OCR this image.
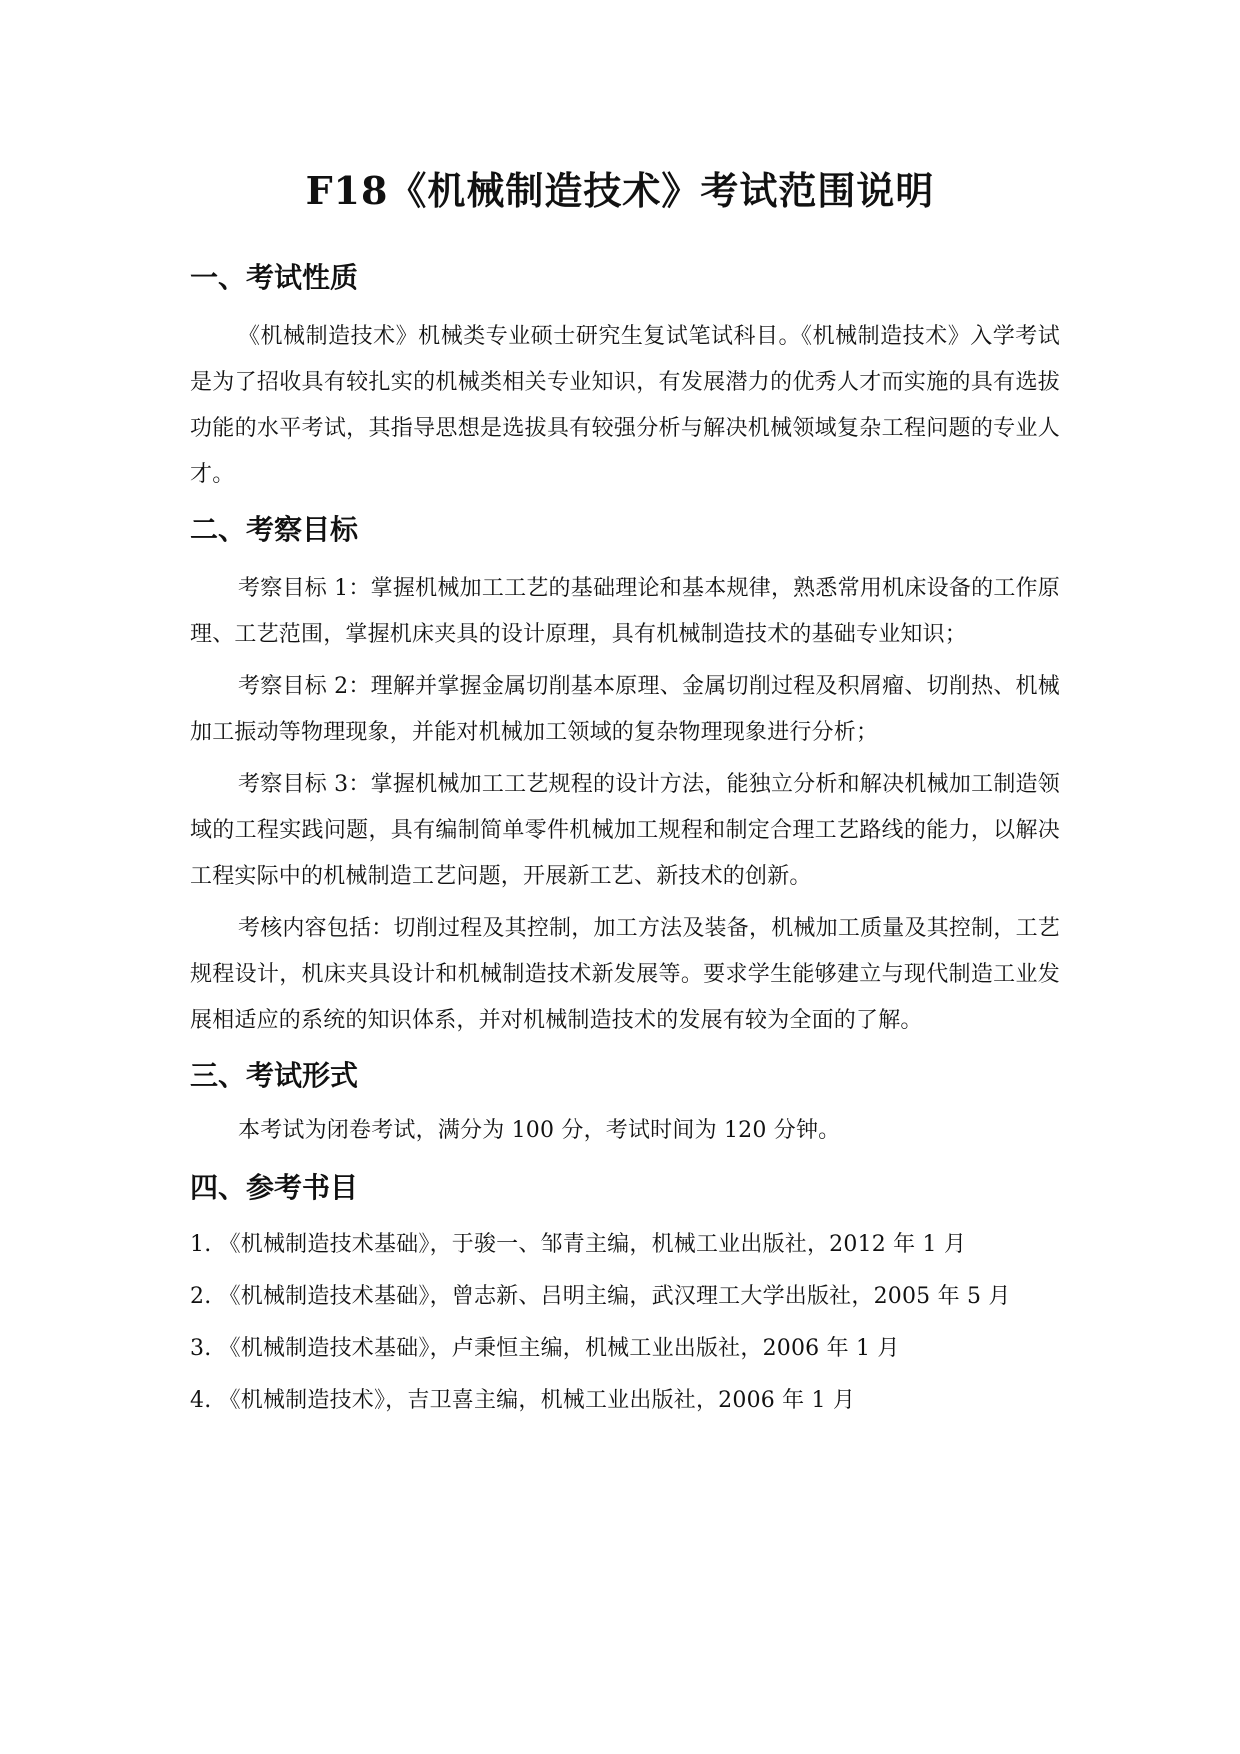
F18《机械制造技术》考试范围说明
一、考试性质

《机械制造技术》机械类专业硕士研究生复试笔试科目。《机械制造技术》入学考试是为了招收具有较扎实的机械类相关专业知识，有发展潜力的优秀人才而实施的具有选拔功能的水平考试，其指导思想是选拔具有较强分析与解决机械领域复杂工程问题的专业人才。

二、考察目标

考察目标 1：掌握机械加工工艺的基础理论和基本规律，熟悉常用机床设备的工作原理、工艺范围，掌握机床夹具的设计原理，具有机械制造技术的基础专业知识；

考察目标 2：理解并掌握金属切削基本原理、金属切削过程及积屑瘤、切削热、机械加工振动等物理现象，并能对机械加工领域的复杂物理现象进行分析；

考察目标 3：掌握机械加工工艺规程的设计方法，能独立分析和解决机械加工制造领域的工程实践问题，具有编制简单零件机械加工规程和制定合理工艺路线的能力，以解决工程实际中的机械制造工艺问题，开展新工艺、新技术的创新。

考核内容包括：切削过程及其控制，加工方法及装备，机械加工质量及其控制，工艺规程设计，机床夹具设计和机械制造技术新发展等。要求学生能够建立与现代制造工业发展相适应的系统的知识体系，并对机械制造技术的发展有较为全面的了解。

三、考试形式

本考试为闭卷考试，满分为 100 分，考试时间为 120 分钟。

四、参考书目

1. 《机械制造技术基础》，于骏一、邹青主编，机械工业出版社，2012 年 1 月

2. 《机械制造技术基础》，曾志新、吕明主编，武汉理工大学出版社，2005 年 5 月

3. 《机械制造技术基础》，卢秉恒主编，机械工业出版社，2006 年 1 月

4. 《机械制造技术》，吉卫喜主编，机械工业出版社，2006 年 1 月
